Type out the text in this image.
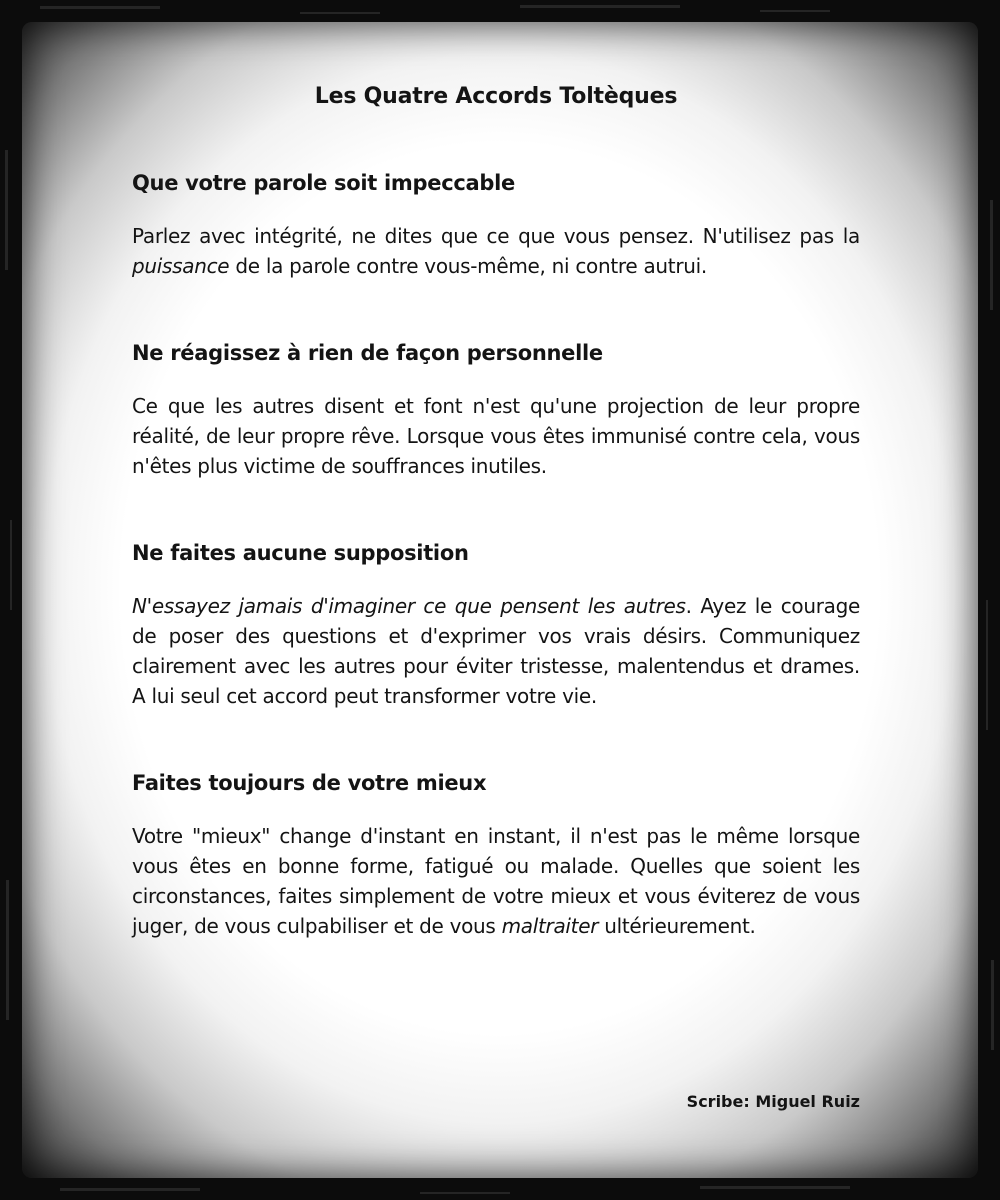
Les Quatre Accords Toltèques
Que votre parole soit impeccable

Parlez avec intégrité, ne dites que ce que vous pensez. N'utilisez pas la puissance de la parole contre vous-même, ni contre autrui.

Ne réagissez à rien de façon personnelle

Ce que les autres disent et font n'est qu'une projection de leur propre réalité, de leur propre rêve. Lorsque vous êtes immunisé contre cela, vous n'êtes plus victime de souffrances inutiles.

Ne faites aucune supposition

N'essayez jamais d'imaginer ce que pensent les autres. Ayez le courage de poser des questions et d'exprimer vos vrais désirs. Communiquez clairement avec les autres pour éviter tristesse, malentendus et drames. A lui seul cet accord peut transformer votre vie.

Faites toujours de votre mieux

Votre "mieux" change d'instant en instant, il n'est pas le même lorsque vous êtes en bonne forme, fatigué ou malade. Quelles que soient les circonstances, faites simplement de votre mieux et vous éviterez de vous juger, de vous culpabiliser et de vous maltraiter ultérieurement.

Scribe: Miguel Ruiz
